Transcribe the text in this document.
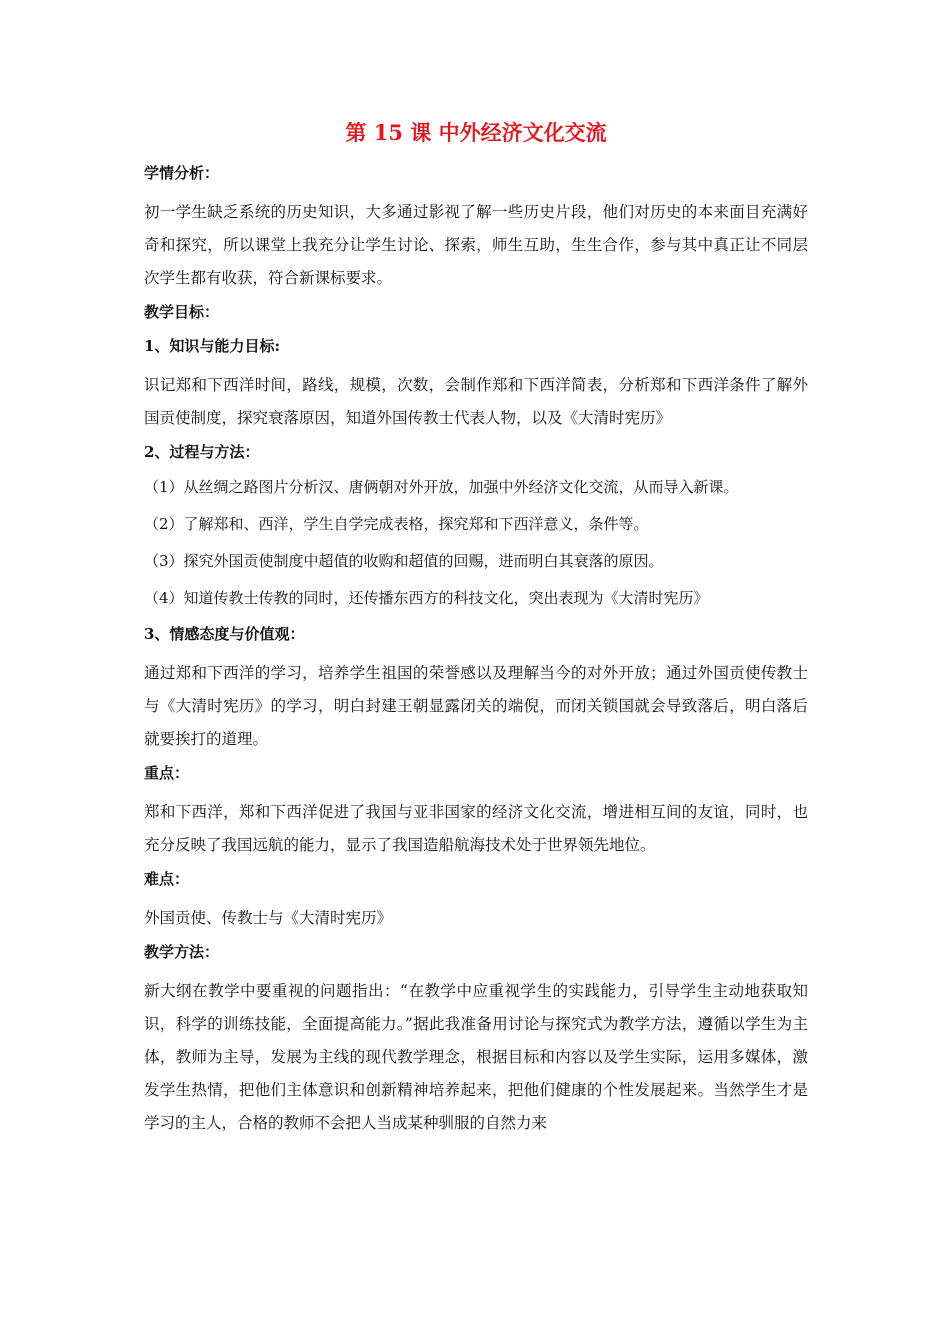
第 15 课 中外经济文化交流
学情分析：
初一学生缺乏系统的历史知识，大多通过影视了解一些历史片段，他们对历史的本来面目充满好奇和探究，所以课堂上我充分让学生讨论、探索，师生互助，生生合作，参与其中真正让不同层次学生都有收获，符合新课标要求。
教学目标：
1、知识与能力目标:
识记郑和下西洋时间，路线，规模，次数，会制作郑和下西洋简表，分析郑和下西洋条件了解外国贡使制度，探究衰落原因，知道外国传教士代表人物，以及《大清时宪历》
2、过程与方法：
（1）从丝绸之路图片分析汉、唐俩朝对外开放，加强中外经济文化交流，从而导入新课。
（2）了解郑和、西洋，学生自学完成表格，探究郑和下西洋意义，条件等。
（3）探究外国贡使制度中超值的收购和超值的回赐，进而明白其衰落的原因。
（4）知道传教士传教的同时，还传播东西方的科技文化，突出表现为《大清时宪历》
3、情感态度与价值观：
通过郑和下西洋的学习，培养学生祖国的荣誉感以及理解当今的对外开放；通过外国贡使传教士与《大清时宪历》的学习，明白封建王朝显露闭关的端倪，而闭关锁国就会导致落后，明白落后就要挨打的道理。
重点：
郑和下西洋，郑和下西洋促进了我国与亚非国家的经济文化交流，增进相互间的友谊，同时，也充分反映了我国远航的能力，显示了我国造船航海技术处于世界领先地位。
难点：
外国贡使、传教士与《大清时宪历》
教学方法：
新大纲在教学中要重视的问题指出：“在教学中应重视学生的实践能力，引导学生主动地获取知识，科学的训练技能，全面提高能力。”据此我准备用讨论与探究式为教学方法，遵循以学生为主体，教师为主导，发展为主线的现代教学理念，根据目标和内容以及学生实际，运用多媒体，激发学生热情，把他们主体意识和创新精神培养起来，把他们健康的个性发展起来。当然学生才是学习的主人，合格的教师不会把人当成某种驯服的自然力来
